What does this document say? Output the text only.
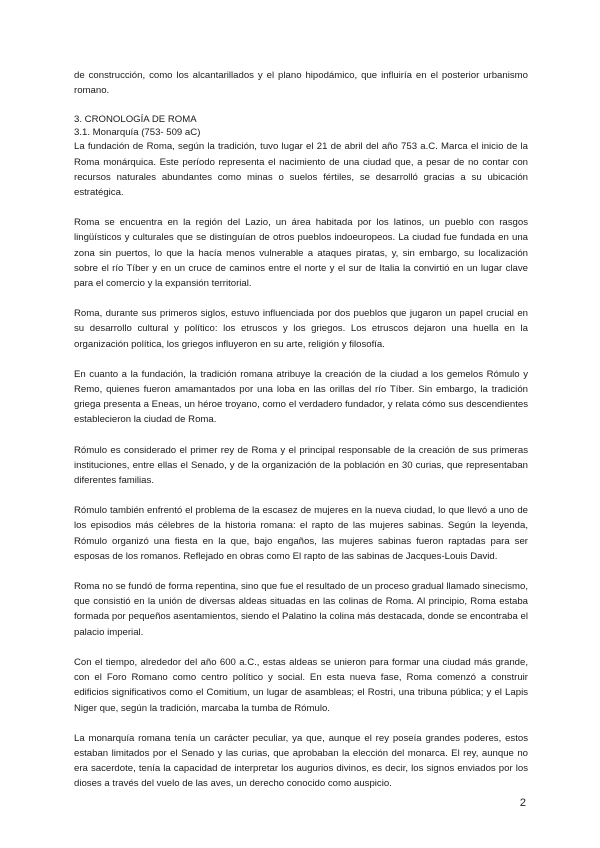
de construcción, como los alcantarillados y el plano hipodámico, que influiría en el posterior urbanismo romano.

3. CRONOLOGÍA DE ROMA

3.1. Monarquía (753- 509 aC)

La fundación de Roma, según la tradición, tuvo lugar el 21 de abril del año 753 a.C. Marca el inicio de la Roma monárquica. Este período representa el nacimiento de una ciudad que, a pesar de no contar con recursos naturales abundantes como minas o suelos fértiles, se desarrolló gracias a su ubicación estratégica.

Roma se encuentra en la región del Lazio, un área habitada por los latinos, un pueblo con rasgos lingüísticos y culturales que se distinguían de otros pueblos indoeuropeos. La ciudad fue fundada en una zona sin puertos, lo que la hacía menos vulnerable a ataques piratas, y, sin embargo, su localización sobre el río Tíber y en un cruce de caminos entre el norte y el sur de Italia la convirtió en un lugar clave para el comercio y la expansión territorial.

Roma, durante sus primeros siglos, estuvo influenciada por dos pueblos que jugaron un papel crucial en su desarrollo cultural y político: los etruscos y los griegos. Los etruscos dejaron una huella en la organización política, los griegos influyeron en su arte, religión y filosofía.

En cuanto a la fundación, la tradición romana atribuye la creación de la ciudad a los gemelos Rómulo y Remo, quienes fueron amamantados por una loba en las orillas del río Tíber. Sin embargo, la tradición griega presenta a Eneas, un héroe troyano, como el verdadero fundador, y relata cómo sus descendientes establecieron la ciudad de Roma.

Rómulo es considerado el primer rey de Roma y el principal responsable de la creación de sus primeras instituciones, entre ellas el Senado, y de la organización de la población en 30 curias, que representaban diferentes familias.

Rómulo también enfrentó el problema de la escasez de mujeres en la nueva ciudad, lo que llevó a uno de los episodios más célebres de la historia romana: el rapto de las mujeres sabinas. Según la leyenda, Rómulo organizó una fiesta en la que, bajo engaños, las mujeres sabinas fueron raptadas para ser esposas de los romanos. Reflejado en obras como El rapto de las sabinas de Jacques-Louis David.

Roma no se fundó de forma repentina, sino que fue el resultado de un proceso gradual llamado sinecismo, que consistió en la unión de diversas aldeas situadas en las colinas de Roma. Al principio, Roma estaba formada por pequeños asentamientos, siendo el Palatino la colina más destacada, donde se encontraba el palacio imperial.

Con el tiempo, alrededor del año 600 a.C., estas aldeas se unieron para formar una ciudad más grande, con el Foro Romano como centro político y social. En esta nueva fase, Roma comenzó a construir edificios significativos como el Comitium, un lugar de asambleas; el Rostri, una tribuna pública; y el Lapis Niger que, según la tradición, marcaba la tumba de Rómulo.

La monarquía romana tenía un carácter peculiar, ya que, aunque el rey poseía grandes poderes, estos estaban limitados por el Senado y las curias, que aprobaban la elección del monarca. El rey, aunque no era sacerdote, tenía la capacidad de interpretar los augurios divinos, es decir, los signos enviados por los dioses a través del vuelo de las aves, un derecho conocido como auspicio.

2
